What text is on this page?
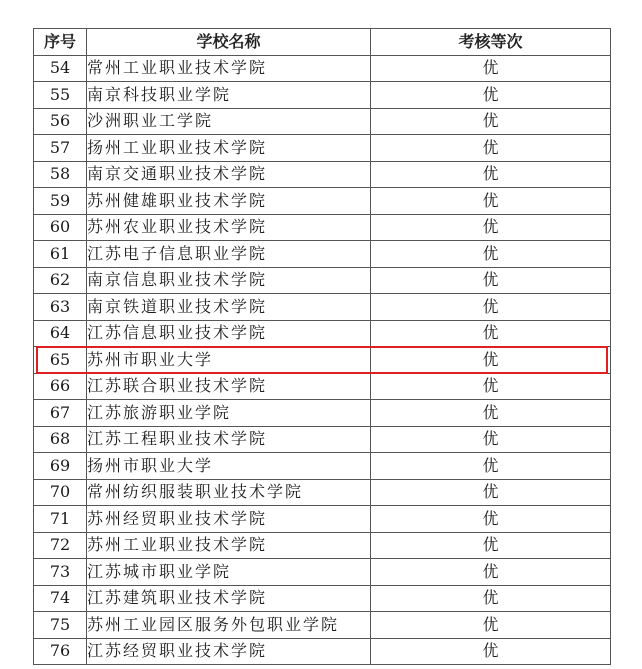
序号	学校名称	考核等次
54	常州工业职业技术学院	优
55	南京科技职业学院	优
56	沙洲职业工学院	优
57	扬州工业职业技术学院	优
58	南京交通职业技术学院	优
59	苏州健雄职业技术学院	优
60	苏州农业职业技术学院	优
61	江苏电子信息职业学院	优
62	南京信息职业技术学院	优
63	南京铁道职业技术学院	优
64	江苏信息职业技术学院	优
65	苏州市职业大学	优
66	江苏联合职业技术学院	优
67	江苏旅游职业学院	优
68	江苏工程职业技术学院	优
69	扬州市职业大学	优
70	常州纺织服装职业技术学院	优
71	苏州经贸职业技术学院	优
72	苏州工业职业技术学院	优
73	江苏城市职业学院	优
74	江苏建筑职业技术学院	优
75	苏州工业园区服务外包职业学院	优
76	江苏经贸职业技术学院	优
